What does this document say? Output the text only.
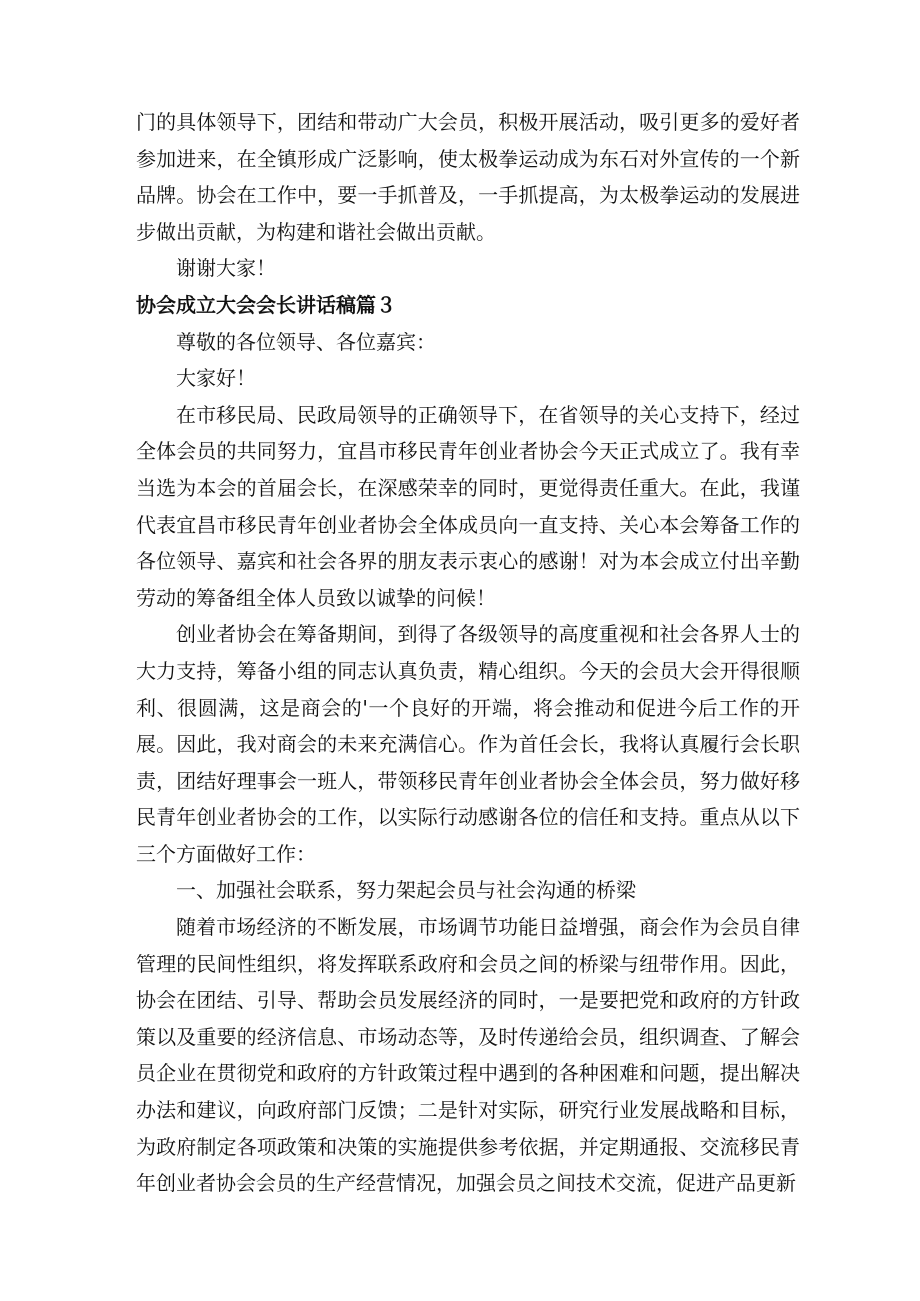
门的具体领导下，团结和带动广大会员，积极开展活动，吸引更多的爱好者参加进来，在全镇形成广泛影响，使太极拳运动成为东石对外宣传的一个新品牌。协会在工作中，要一手抓普及，一手抓提高，为太极拳运动的发展进步做出贡献，为构建和谐社会做出贡献。

谢谢大家！

协会成立大会会长讲话稿篇３

尊敬的各位领导、各位嘉宾：

大家好！

在市移民局、民政局领导的正确领导下，在省领导的关心支持下，经过全体会员的共同努力，宜昌市移民青年创业者协会今天正式成立了。我有幸当选为本会的首届会长，在深感荣幸的同时，更觉得责任重大。在此，我谨代表宜昌市移民青年创业者协会全体成员向一直支持、关心本会筹备工作的各位领导、嘉宾和社会各界的朋友表示衷心的感谢！对为本会成立付出辛勤劳动的筹备组全体人员致以诚挚的问候！

创业者协会在筹备期间，到得了各级领导的高度重视和社会各界人士的大力支持，筹备小组的同志认真负责，精心组织。今天的会员大会开得很顺利、很圆满，这是商会的'一个良好的开端，将会推动和促进今后工作的开展。因此，我对商会的未来充满信心。作为首任会长，我将认真履行会长职责，团结好理事会一班人，带领移民青年创业者协会全体会员，努力做好移民青年创业者协会的工作，以实际行动感谢各位的信任和支持。重点从以下三个方面做好工作：

一、加强社会联系，努力架起会员与社会沟通的桥梁

随着市场经济的不断发展，市场调节功能日益增强，商会作为会员自律管理的民间性组织，将发挥联系政府和会员之间的桥梁与纽带作用。因此，协会在团结、引导、帮助会员发展经济的同时，一是要把党和政府的方针政策以及重要的经济信息、市场动态等，及时传递给会员，组织调查、了解会员企业在贯彻党和政府的方针政策过程中遇到的各种困难和问题，提出解决办法和建议，向政府部门反馈；二是针对实际，研究行业发展战略和目标，为政府制定各项政策和决策的实施提供参考依据，并定期通报、交流移民青年创业者协会会员的生产经营情况，加强会员之间技术交流，促进产品更新
